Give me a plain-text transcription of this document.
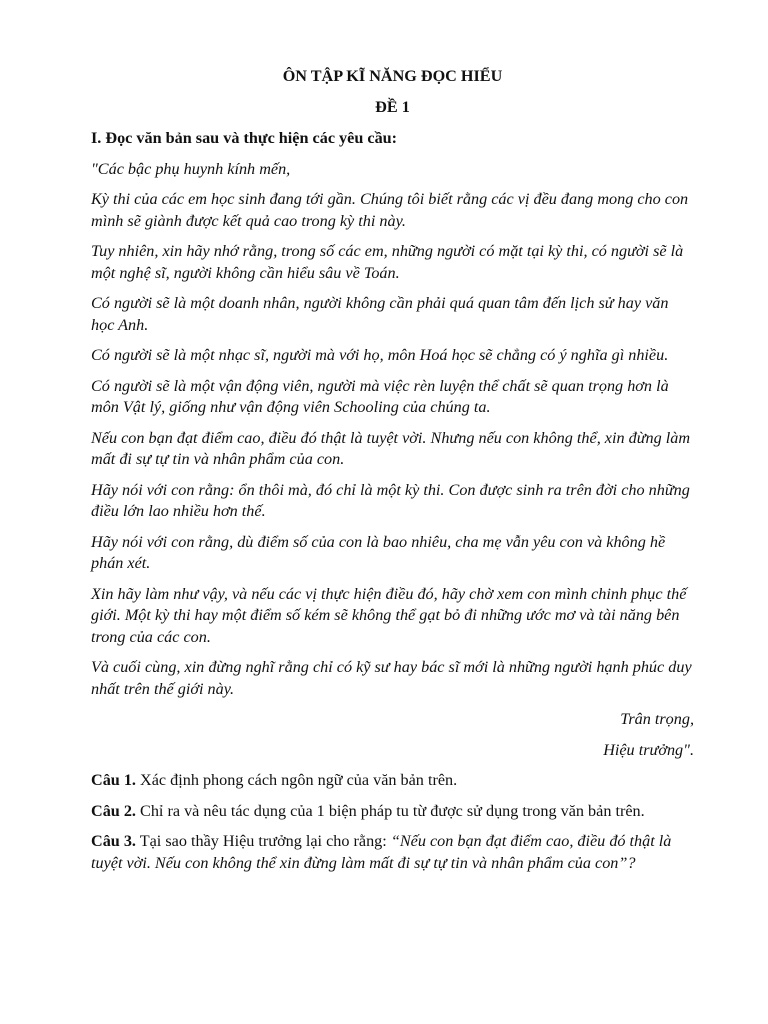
ÔN TẬP KĨ NĂNG ĐỌC HIỂU
ĐỀ 1
I. Đọc văn bản sau và thực hiện các yêu cầu:
"Các bậc phụ huynh kính mến,
Kỳ thi của các em học sinh đang tới gần. Chúng tôi biết rằng các vị đều đang mong cho con mình sẽ giành được kết quả cao trong kỳ thi này.
Tuy nhiên, xin hãy nhớ rằng, trong số các em, những người có mặt tại kỳ thi, có người sẽ là một nghệ sĩ, người không cần hiểu sâu về Toán.
Có người sẽ là một doanh nhân, người không cần phải quá quan tâm đến lịch sử hay văn học Anh.
Có người sẽ là một nhạc sĩ, người mà với họ, môn Hoá học sẽ chẳng có ý nghĩa gì nhiều.
Có người sẽ là một vận động viên, người mà việc rèn luyện thể chất sẽ quan trọng hơn là môn Vật lý, giống như vận động viên Schooling của chúng ta.
Nếu con bạn đạt điểm cao, điều đó thật là tuyệt vời. Nhưng nếu con không thể, xin đừng làm mất đi sự tự tin và nhân phẩm của con.
Hãy nói với con rằng: ổn thôi mà, đó chỉ là một kỳ thi. Con được sinh ra trên đời cho những điều lớn lao nhiều hơn thế.
Hãy nói với con rằng, dù điểm số của con là bao nhiêu, cha mẹ vẫn yêu con và không hề phán xét.
Xin hãy làm như vậy, và nếu các vị thực hiện điều đó, hãy chờ xem con mình chinh phục thế giới. Một kỳ thi hay một điểm số kém sẽ không thể gạt bỏ đi những ước mơ và tài năng bên trong của các con.
Và cuối cùng, xin đừng nghĩ rằng chỉ có kỹ sư hay bác sĩ mới là những người hạnh phúc duy nhất trên thế giới này.
Trân trọng,
Hiệu trưởng".
Câu 1. Xác định phong cách ngôn ngữ của văn bản trên.
Câu 2. Chỉ ra và nêu tác dụng của 1 biện pháp tu từ được sử dụng trong văn bản trên.
Câu 3. Tại sao thầy Hiệu trưởng lại cho rằng: “Nếu con bạn đạt điểm cao, điều đó thật là tuyệt vời. Nếu con không thể xin đừng làm mất đi sự tự tin và nhân phẩm của con”?
